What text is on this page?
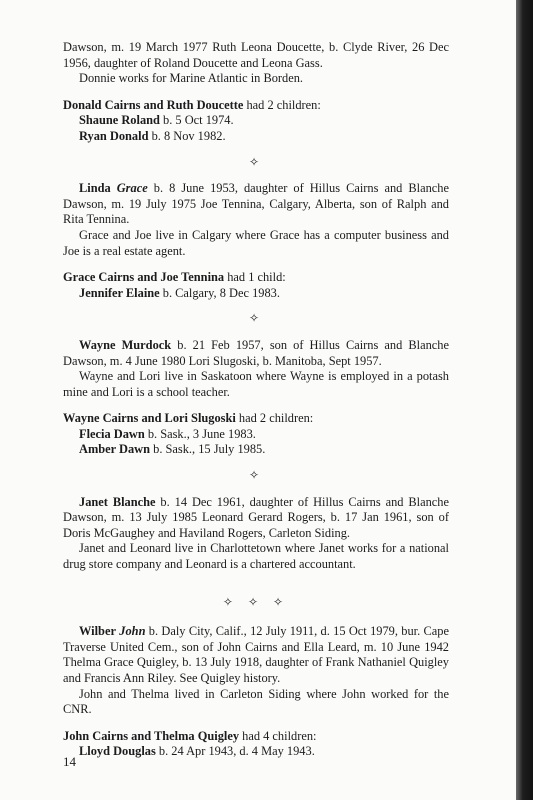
Dawson, m. 19 March 1977 Ruth Leona Doucette, b. Clyde River, 26 Dec 1956, daughter of Roland Doucette and Leona Gass.

Donnie works for Marine Atlantic in Borden.

Donald Cairns and Ruth Doucette had 2 children:

Shaune Roland b. 5 Oct 1974.

Ryan Donald b. 8 Nov 1982.

✧

Linda Grace b. 8 June 1953, daughter of Hillus Cairns and Blanche Dawson, m. 19 July 1975 Joe Tennina, Calgary, Alberta, son of Ralph and Rita Tennina.

Grace and Joe live in Calgary where Grace has a computer business and Joe is a real estate agent.

Grace Cairns and Joe Tennina had 1 child:

Jennifer Elaine b. Calgary, 8 Dec 1983.

✧

Wayne Murdock b. 21 Feb 1957, son of Hillus Cairns and Blanche Dawson, m. 4 June 1980 Lori Slugoski, b. Manitoba, Sept 1957.

Wayne and Lori live in Saskatoon where Wayne is employed in a potash mine and Lori is a school teacher.

Wayne Cairns and Lori Slugoski had 2 children:

Flecia Dawn b. Sask., 3 June 1983.

Amber Dawn b. Sask., 15 July 1985.

✧

Janet Blanche b. 14 Dec 1961, daughter of Hillus Cairns and Blanche Dawson, m. 13 July 1985 Leonard Gerard Rogers, b. 17 Jan 1961, son of Doris McGaughey and Haviland Rogers, Carleton Siding.

Janet and Leonard live in Charlottetown where Janet works for a national drug store company and Leonard is a chartered accountant.

✧ ✧ ✧

Wilber John b. Daly City, Calif., 12 July 1911, d. 15 Oct 1979, bur. Cape Traverse United Cem., son of John Cairns and Ella Leard, m. 10 June 1942 Thelma Grace Quigley, b. 13 July 1918, daughter of Frank Nathaniel Quigley and Francis Ann Riley. See Quigley history.

John and Thelma lived in Carleton Siding where John worked for the CNR.

John Cairns and Thelma Quigley had 4 children:

Lloyd Douglas b. 24 Apr 1943, d. 4 May 1943.

14
